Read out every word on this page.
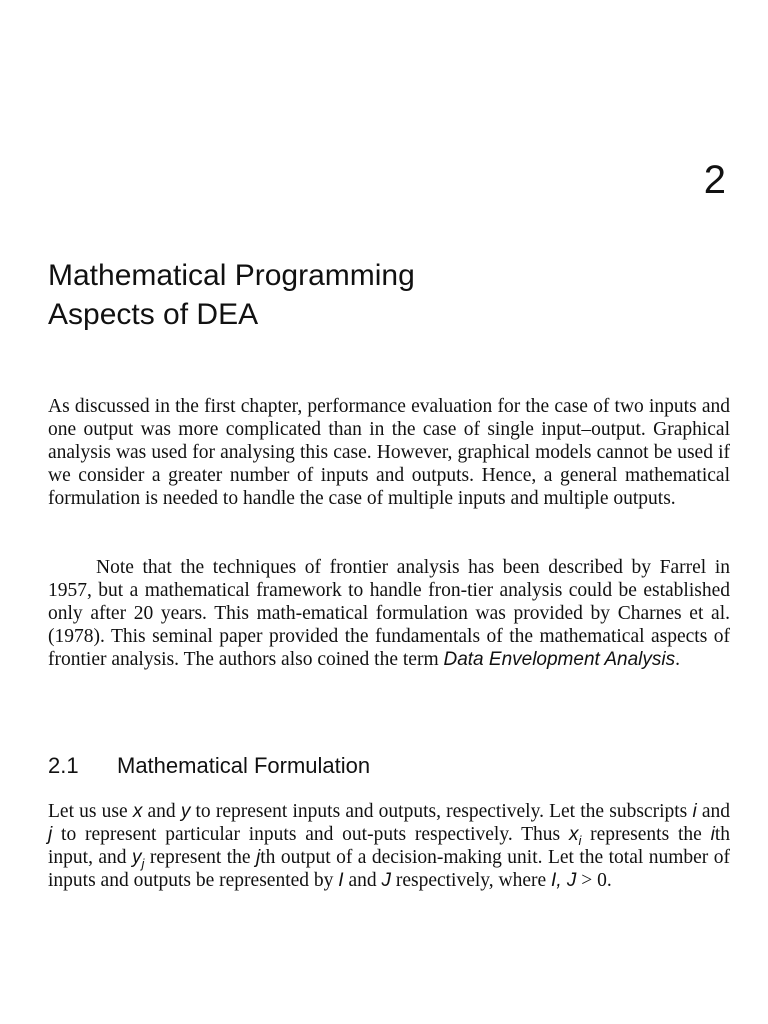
2
Mathematical Programming
Aspects of DEA

As discussed in the first chapter, performance evaluation for the case of two inputs and one output was more complicated than in the case of single input–output. Graphical analysis was used for analysing this case. However, graphical models cannot be used if we consider a greater number of inputs and outputs. Hence, a general mathematical formulation is needed to handle the case of multiple inputs and multiple outputs.

Note that the techniques of frontier analysis has been described by Farrel in 1957, but a mathematical framework to handle fron-tier analysis could be established only after 20 years. This math-ematical formulation was provided by Charnes et al. (1978). This seminal paper provided the fundamentals of the mathematical aspects of frontier analysis. The authors also coined the term Data Envelopment Analysis.

2.1 Mathematical Formulation

Let us use x and y to represent inputs and outputs, respectively. Let the subscripts i and j to represent particular inputs and out-puts respectively. Thus $x_i$ represents the ith input, and $y_j$ represent the jth output of a decision-making unit. Let the total number of inputs and outputs be represented by I and J respectively, where I, J > 0.
